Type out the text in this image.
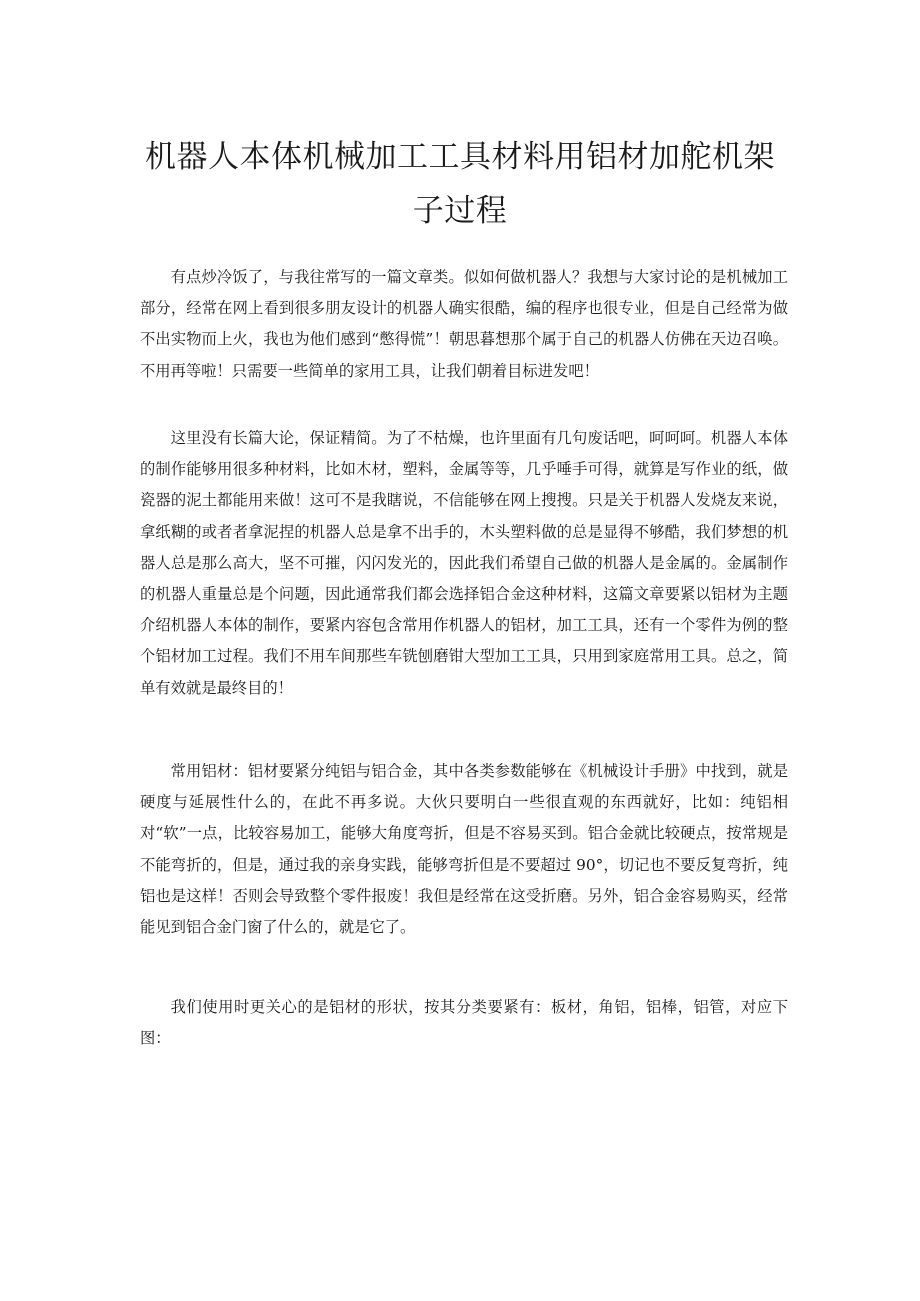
机器人本体机械加工工具材料用铝材加舵机架子过程

有点炒冷饭了，与我往常写的一篇文章类。似如何做机器人？我想与大家讨论的是机械加工部分，经常在网上看到很多朋友设计的机器人确实很酷，编的程序也很专业，但是自己经常为做不出实物而上火，我也为他们感到“憋得慌”！朝思暮想那个属于自己的机器人仿佛在天边召唤。不用再等啦！只需要一些简单的家用工具，让我们朝着目标进发吧！

这里没有长篇大论，保证精简。为了不枯燥，也许里面有几句废话吧，呵呵呵。机器人本体的制作能够用很多种材料，比如木材，塑料，金属等等，几乎唾手可得，就算是写作业的纸，做瓷器的泥土都能用来做！这可不是我瞎说，不信能够在网上搜搜。只是关于机器人发烧友来说，拿纸糊的或者者拿泥捏的机器人总是拿不出手的，木头塑料做的总是显得不够酷，我们梦想的机器人总是那么高大，坚不可摧，闪闪发光的，因此我们希望自己做的机器人是金属的。金属制作的机器人重量总是个问题，因此通常我们都会选择铝合金这种材料，这篇文章要紧以铝材为主题介绍机器人本体的制作，要紧内容包含常用作机器人的铝材，加工工具，还有一个零件为例的整个铝材加工过程。我们不用车间那些车铣刨磨钳大型加工工具，只用到家庭常用工具。总之，简单有效就是最终目的！

常用铝材：铝材要紧分纯铝与铝合金，其中各类参数能够在《机械设计手册》中找到，就是硬度与延展性什么的，在此不再多说。大伙只要明白一些很直观的东西就好，比如：纯铝相对“软”一点，比较容易加工，能够大角度弯折，但是不容易买到。铝合金就比较硬点，按常规是不能弯折的，但是，通过我的亲身实践，能够弯折但是不要超过 90°，切记也不要反复弯折，纯铝也是这样！否则会导致整个零件报废！我但是经常在这受折磨。另外，铝合金容易购买，经常能见到铝合金门窗了什么的，就是它了。

我们使用时更关心的是铝材的形状，按其分类要紧有：板材，角铝，铝棒，铝管，对应下图：
